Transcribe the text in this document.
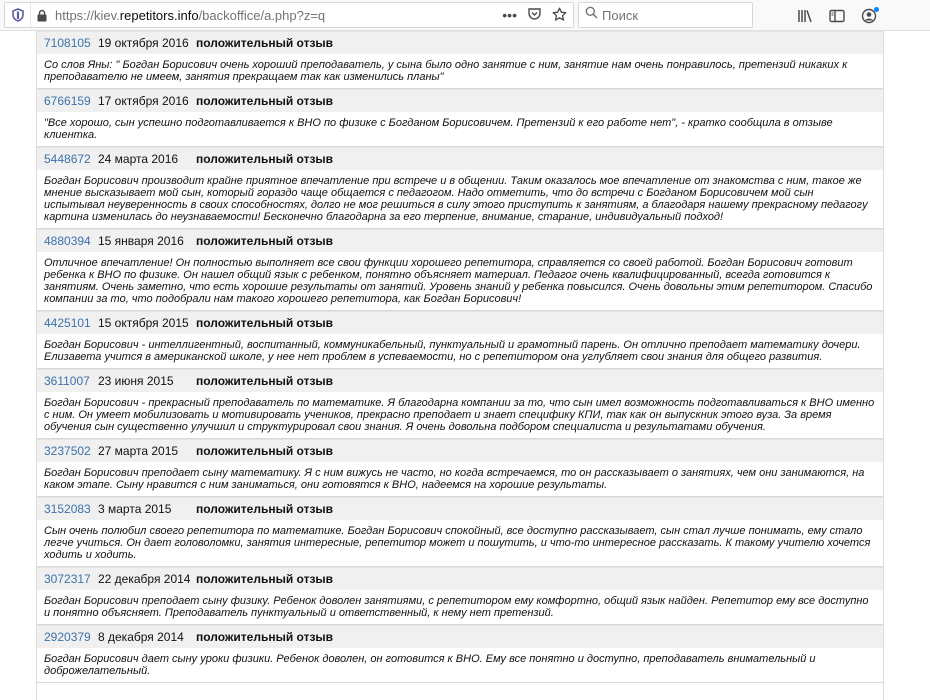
https://kiev.repetitors.info/backoffice/a.php?z=q	•••
Поиск
7108105 19 октября 2016 положительный отзыв
Со слов Яны: " Богдан Борисович очень хороший преподаватель, у сына было одно занятие с ним, занятие нам очень понравилось, претензий никаких к преподавателю не имеем, занятия прекращаем так как изменились планы"
6766159 17 октября 2016 положительный отзыв
"Все хорошо, сын успешно подготавливается к ВНО по физике с Богданом Борисовичем. Претензий к его работе нет", - кратко сообщила в отзыве клиентка.
5448672 24 марта 2016	положительный отзыв
Богдан Борисович производит крайне приятное впечатление при встрече и в общении. Таким оказалось мое впечатление от знакомства с ним, такое же мнение высказывает мой сын, который гораздо чаще общается с педагогом. Надо отметить, что до встречи с Богданом Борисовичем мой сын испытывал неуверенность в своих способностях, долго не мог решиться в силу этого приступить к занятиям, а благодаря нашему прекрасному педагогу картина изменилась до неузнаваемости! Бесконечно благодарна за его терпение, внимание, старание, индивидуальный подход!
4880394 15 января 2016	положительный отзыв
Отличное впечатление! Он полностью выполняет все свои функции хорошего репетитора, справляется со своей работой. Богдан Борисович готовит ребенка к ВНО по физике. Он нашел общий язык с ребенком, понятно объясняет материал. Педагог очень квалифицированный, всегда готовится к занятиям. Очень заметно, что есть хорошие результаты от занятий. Уровень знаний у ребенка повысился. Очень довольны этим репетитором. Спасибо компании за то, что подобрали нам такого хорошего репетитора, как Богдан Борисович!
4425101 15 октября 2015 положительный отзыв
Богдан Борисович - интеллигентный, воспитанный, коммуникабельный, пунктуальный и грамотный парень. Он отлично преподает математику дочери. Елизавета учится в американской школе, у нее нет проблем в успеваемости, но с репетитором она углубляет свои знания для общего развития.
3611007 23 июня 2015	положительный отзыв
Богдан Борисович - прекрасный преподаватель по математике. Я благодарна компании за то, что сын имел возможность подготавливаться к ВНО именно с ним. Он умеет мобилизовать и мотивировать учеников, прекрасно преподает и знает специфику КПИ, так как он выпускник этого вуза. За время обучения сын существенно улучшил и структурировал свои знания. Я очень довольна подбором специалиста и результатами обучения.
3237502 27 марта 2015	положительный отзыв
Богдан Борисович преподает сыну математику. Я с ним вижусь не часто, но когда встречаемся, то он рассказывает о занятиях, чем они занимаются, на каком этапе. Сыну нравится с ним заниматься, они готовятся к ВНО, надеемся на хорошие результаты.
3152083 3 марта 2015	положительный отзыв
Сын очень полюбил своего репетитора по математике. Богдан Борисович спокойный, все доступно рассказывает, сын стал лучше понимать, ему стало легче учиться. Он дает головоломки, занятия интересные, репетитор может и пошутить, и что-то интересное рассказать. К такому учителю хочется ходить и ходить.
3072317 22 декабря 2014 положительный отзыв
Богдан Борисович преподает сыну физику. Ребенок доволен занятиями, с репетитором ему комфортно, общий язык найден. Репетитор ему все доступно и понятно объясняет. Преподаватель пунктуальный и ответственный, к нему нет претензий.
2920379 8 декабря 2014	положительный отзыв
Богдан Борисович дает сыну уроки физики. Ребенок доволен, он готовится к ВНО. Ему все понятно и доступно, преподаватель внимательный и доброжелательный.
